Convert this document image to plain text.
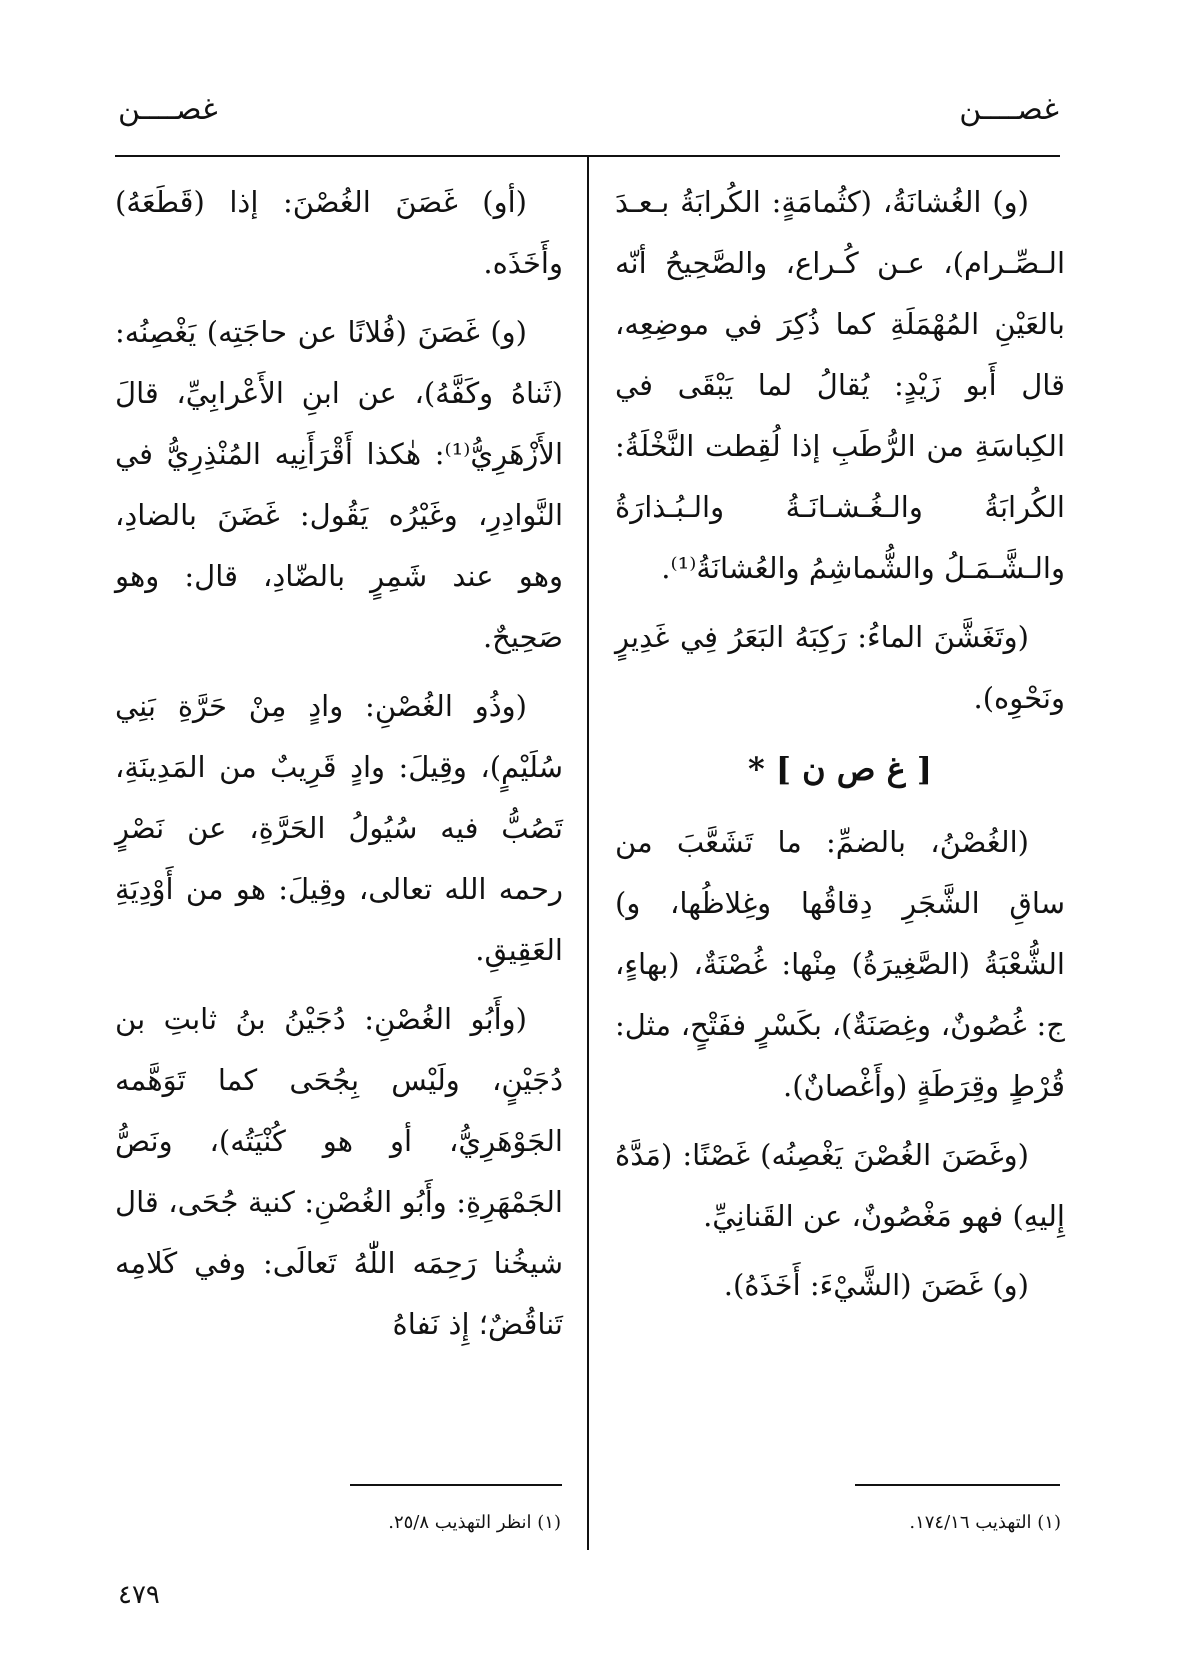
غصــــن
غصــــن

(و) الغُشانَةُ، (كثُمامَةٍ: الكُرابَةُ بـعـدَ الـصِّـرام)، عـن كُـراع، والصَّحِيحُ أنّه بالعَيْنِ المُهْمَلَةِ كما ذُكِرَ في موضِعِه، قال أَبو زَيْدٍ: يُقالُ لما يَبْقَى في الكِباسَةِ من الرُّطَبِ إذا لُقِطت النَّخْلَةُ: الكُرابَةُ والـغُـشـانَـةُ والـبُـذارَةُ والـشَّـمَـلُ والشُّماشِمُ والعُشانَةُ⁽¹⁾.

(وتَغَشَّنَ الماءُ: رَكِبَهُ البَعَرُ فِي غَدِيرٍ ونَحْوِه).

[ غ ص ن ] *

(الغُصْنُ، بالضمِّ: ما تَشَعَّبَ من ساقِ الشَّجَرِ دِقاقُها وغِلاظُها، و) الشُّعْبَةُ (الصَّغِيرَةُ) مِنْها: غُصْنَةٌ، (بهاءٍ، ج: غُصُونٌ، وغِصَنَةٌ)، بكَسْرٍ ففَتْحٍ، مثل: قُرْطٍ وقِرَطَةٍ (وأَغْصانٌ).

(وغَصَنَ الغُصْنَ يَغْصِنُه) غَصْنًا: (مَدَّهُ إِليهِ) فهو مَغْصُونٌ، عن القَنانِيِّ.

(و) غَصَنَ (الشَّيْءَ: أَخَذَهُ).

(أو) غَصَنَ الغُصْنَ: إذا (قَطَعَهُ) وأَخَذَه.

(و) غَصَنَ (فُلانًا عن حاجَتِه) يَغْصِنُه: (ثَناهُ وكَفَّهُ)، عن ابنِ الأَعْرابِيِّ، قالَ الأَزْهَرِيُّ⁽¹⁾: هٰكذا أَقْرَأَنِيه المُنْذِرِيُّ في النَّوادِرِ، وغَيْرُه يَقُول: غَضَنَ بالضادِ، وهو عند شَمِرٍ بالضّادِ، قال: وهو صَحِيحٌ.

(وذُو الغُصْنِ: وادٍ مِنْ حَرَّةِ بَنِي سُلَيْمٍ)، وقِيلَ: وادٍ قَرِيبٌ من المَدِينَةِ، تَصُبُّ فيه سُيُولُ الحَرَّةِ، عن نَصْرٍ رحمه الله تعالى، وقِيلَ: هو من أَوْدِيَةِ العَقِيقِ.

(وأَبُو الغُصْنِ: دُجَيْنُ بنُ ثابتِ بن دُجَيْنٍ، ولَيْس بِجُحَى كما تَوَهَّمه الجَوْهَرِيُّ، أو هو كُنْيَتُه)، ونَصُّ الجَمْهَرِةِ: وأَبُو الغُصْنِ: كنية جُحَى، قال شيخُنا رَحِمَه اللّٰهُ تَعالَى: وفي كَلامِه تَناقُضٌ؛ إِذ نَفاهُ

(١) التهذيب ١٧٤/١٦.
(١) انظر التهذيب ٢٥/٨.
٤٧٩
